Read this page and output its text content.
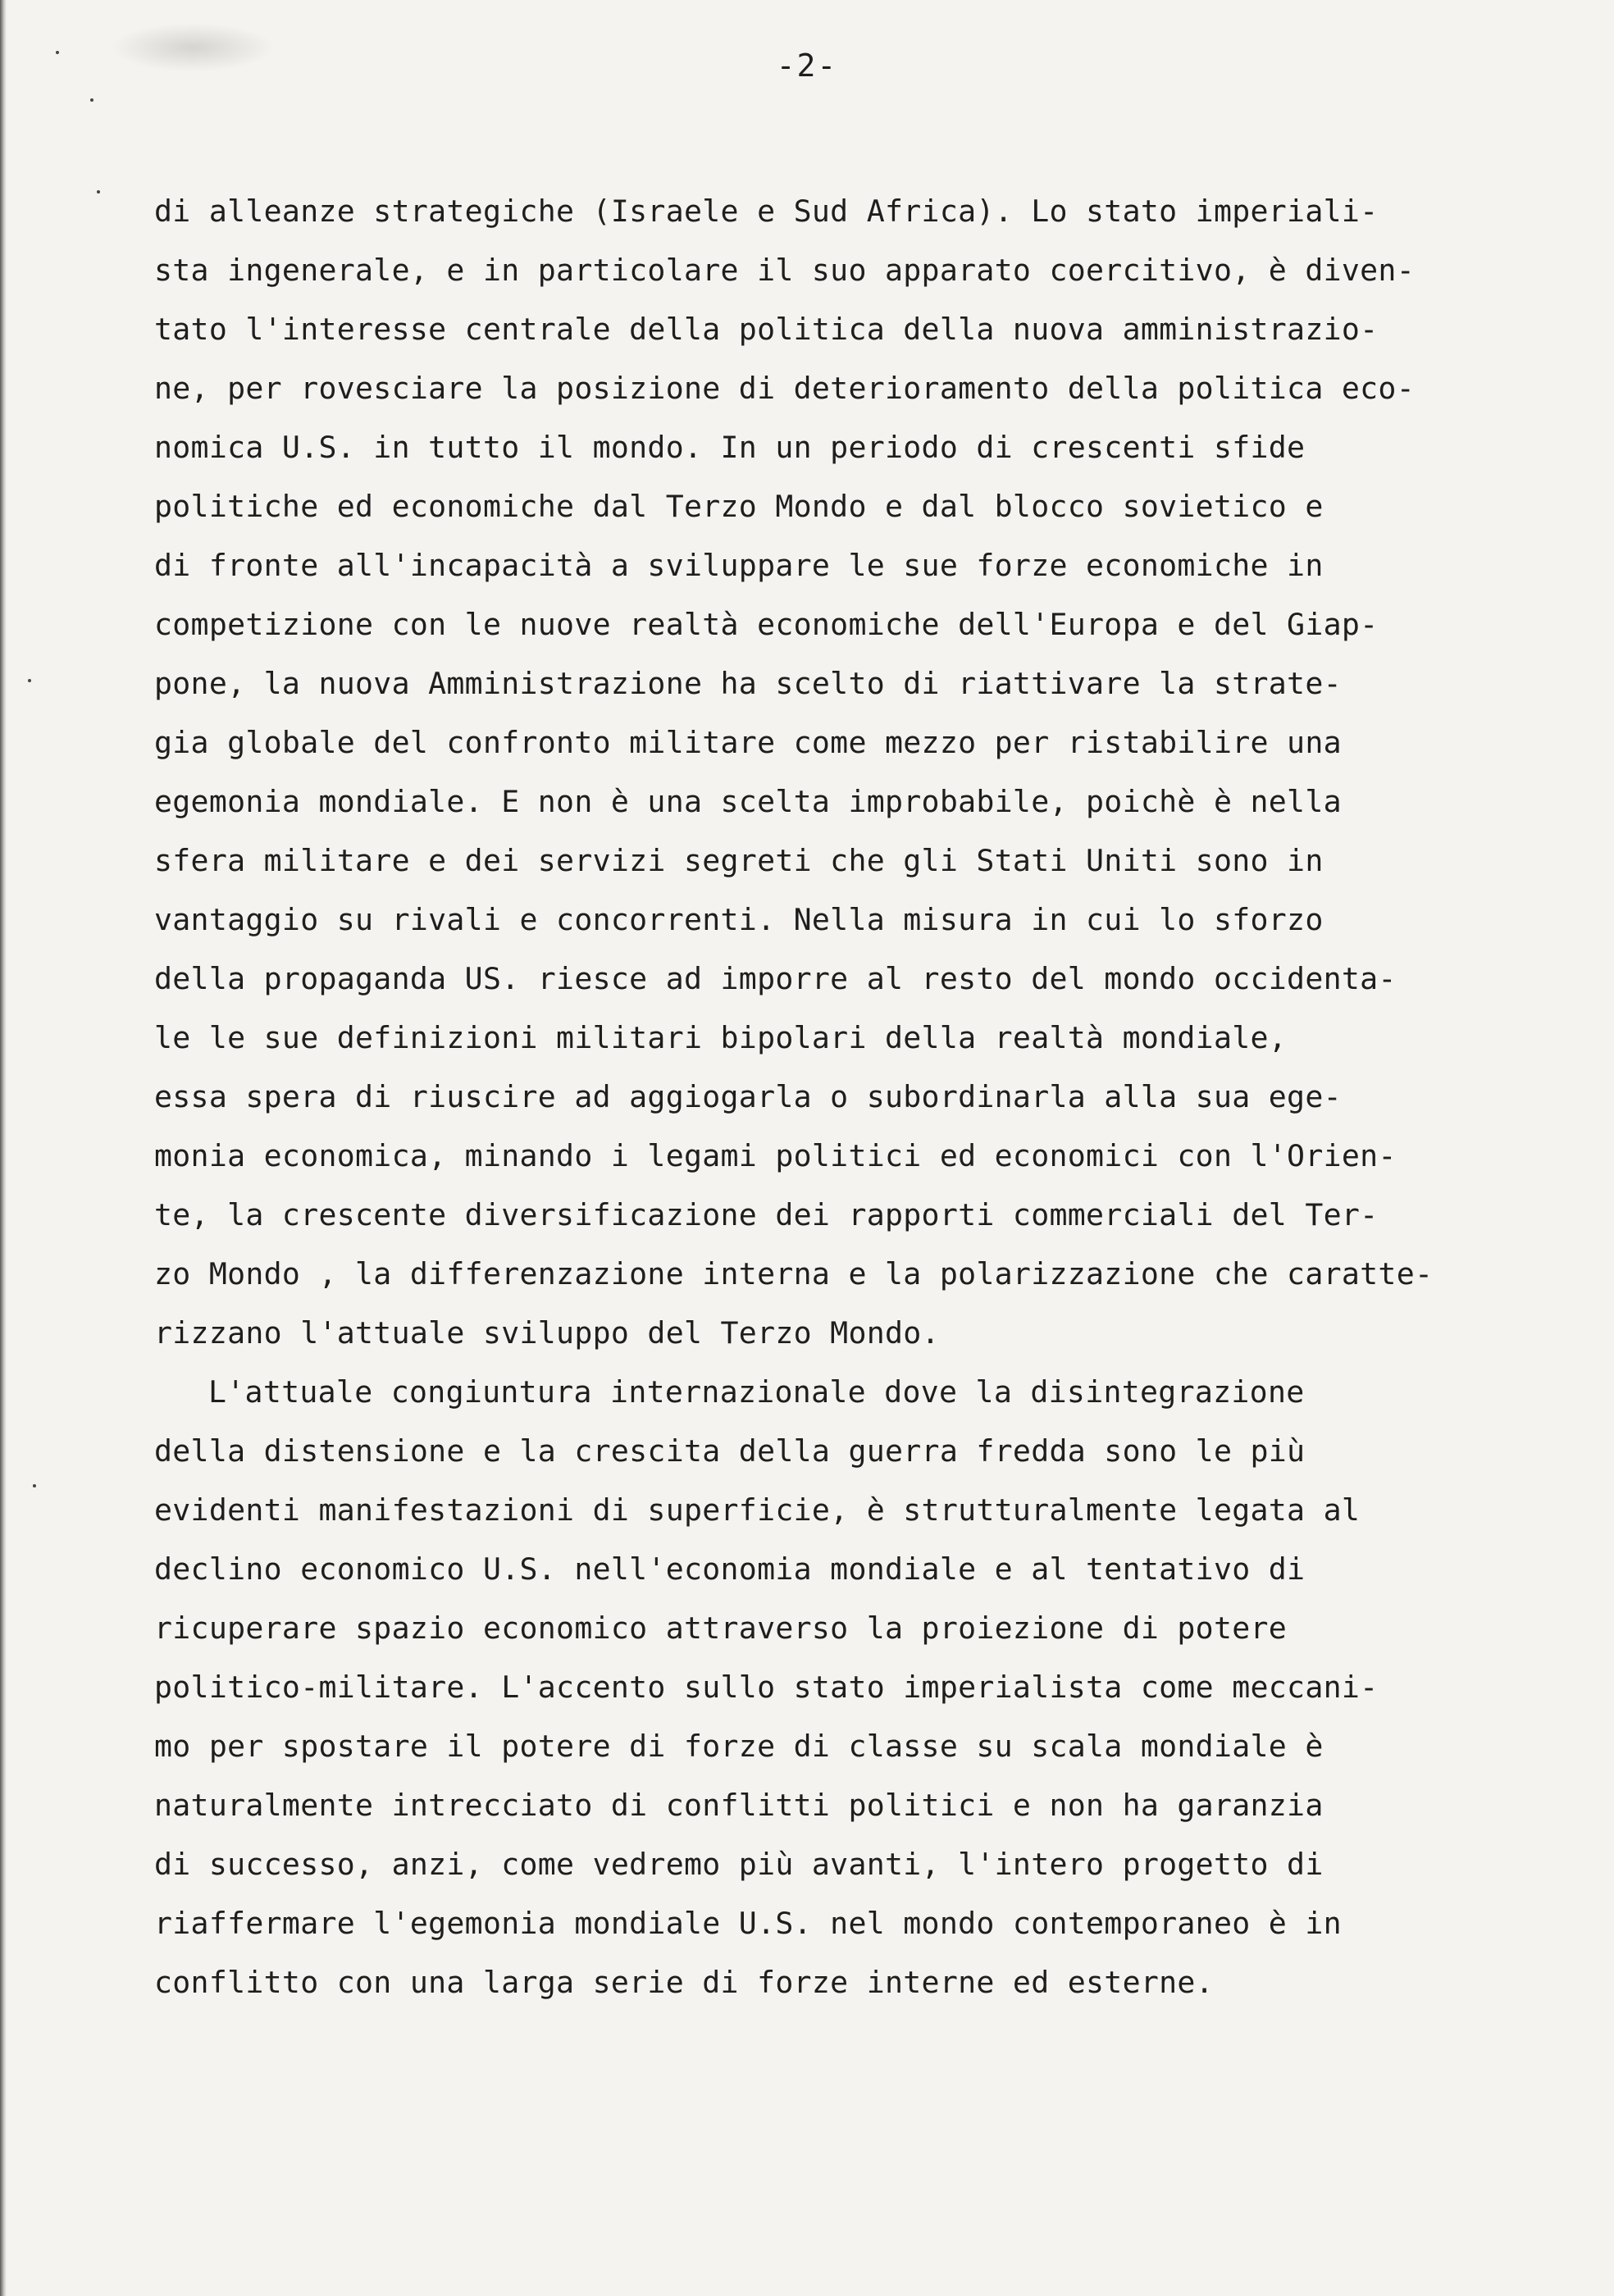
-2-
di alleanze strategiche (Israele e Sud Africa). Lo stato imperiali-
sta ingenerale, e in particolare il suo apparato coercitivo, è diven-
tato l'interesse centrale della politica della nuova amministrazio-
ne, per rovesciare la posizione di deterioramento della politica eco-
nomica U.S. in tutto il mondo. In un periodo di crescenti sfide
politiche ed economiche dal Terzo Mondo e dal blocco sovietico e
di fronte all'incapacità a sviluppare le sue forze economiche in
competizione con le nuove realtà economiche dell'Europa e del Giap-
pone, la nuova Amministrazione ha scelto di riattivare la strate-
gia globale del confronto militare come mezzo per ristabilire una
egemonia mondiale. E non è una scelta improbabile, poichè è nella
sfera militare e dei servizi segreti che gli Stati Uniti sono in
vantaggio su rivali e concorrenti. Nella misura in cui lo sforzo
della propaganda US. riesce ad imporre al resto del mondo occidenta-
le le sue definizioni militari bipolari della realtà mondiale,
essa spera di riuscire ad aggiogarla o subordinarla alla sua ege-
monia economica, minando i legami politici ed economici con l'Orien-
te, la crescente diversificazione dei rapporti commerciali del Ter-
zo Mondo , la differenzazione interna e la polarizzazione che caratte-
rizzano l'attuale sviluppo del Terzo Mondo.
L'attuale congiuntura internazionale dove la disintegrazione
della distensione e la crescita della guerra fredda sono le più
evidenti manifestazioni di superficie, è strutturalmente legata al
declino economico U.S. nell'economia mondiale e al tentativo di
ricuperare spazio economico attraverso la proiezione di potere
politico-militare. L'accento sullo stato imperialista come meccani-
mo per spostare il potere di forze di classe su scala mondiale è
naturalmente intrecciato di conflitti politici e non ha garanzia
di successo, anzi, come vedremo più avanti, l'intero progetto di
riaffermare l'egemonia mondiale U.S. nel mondo contemporaneo è in
conflitto con una larga serie di forze interne ed esterne.
